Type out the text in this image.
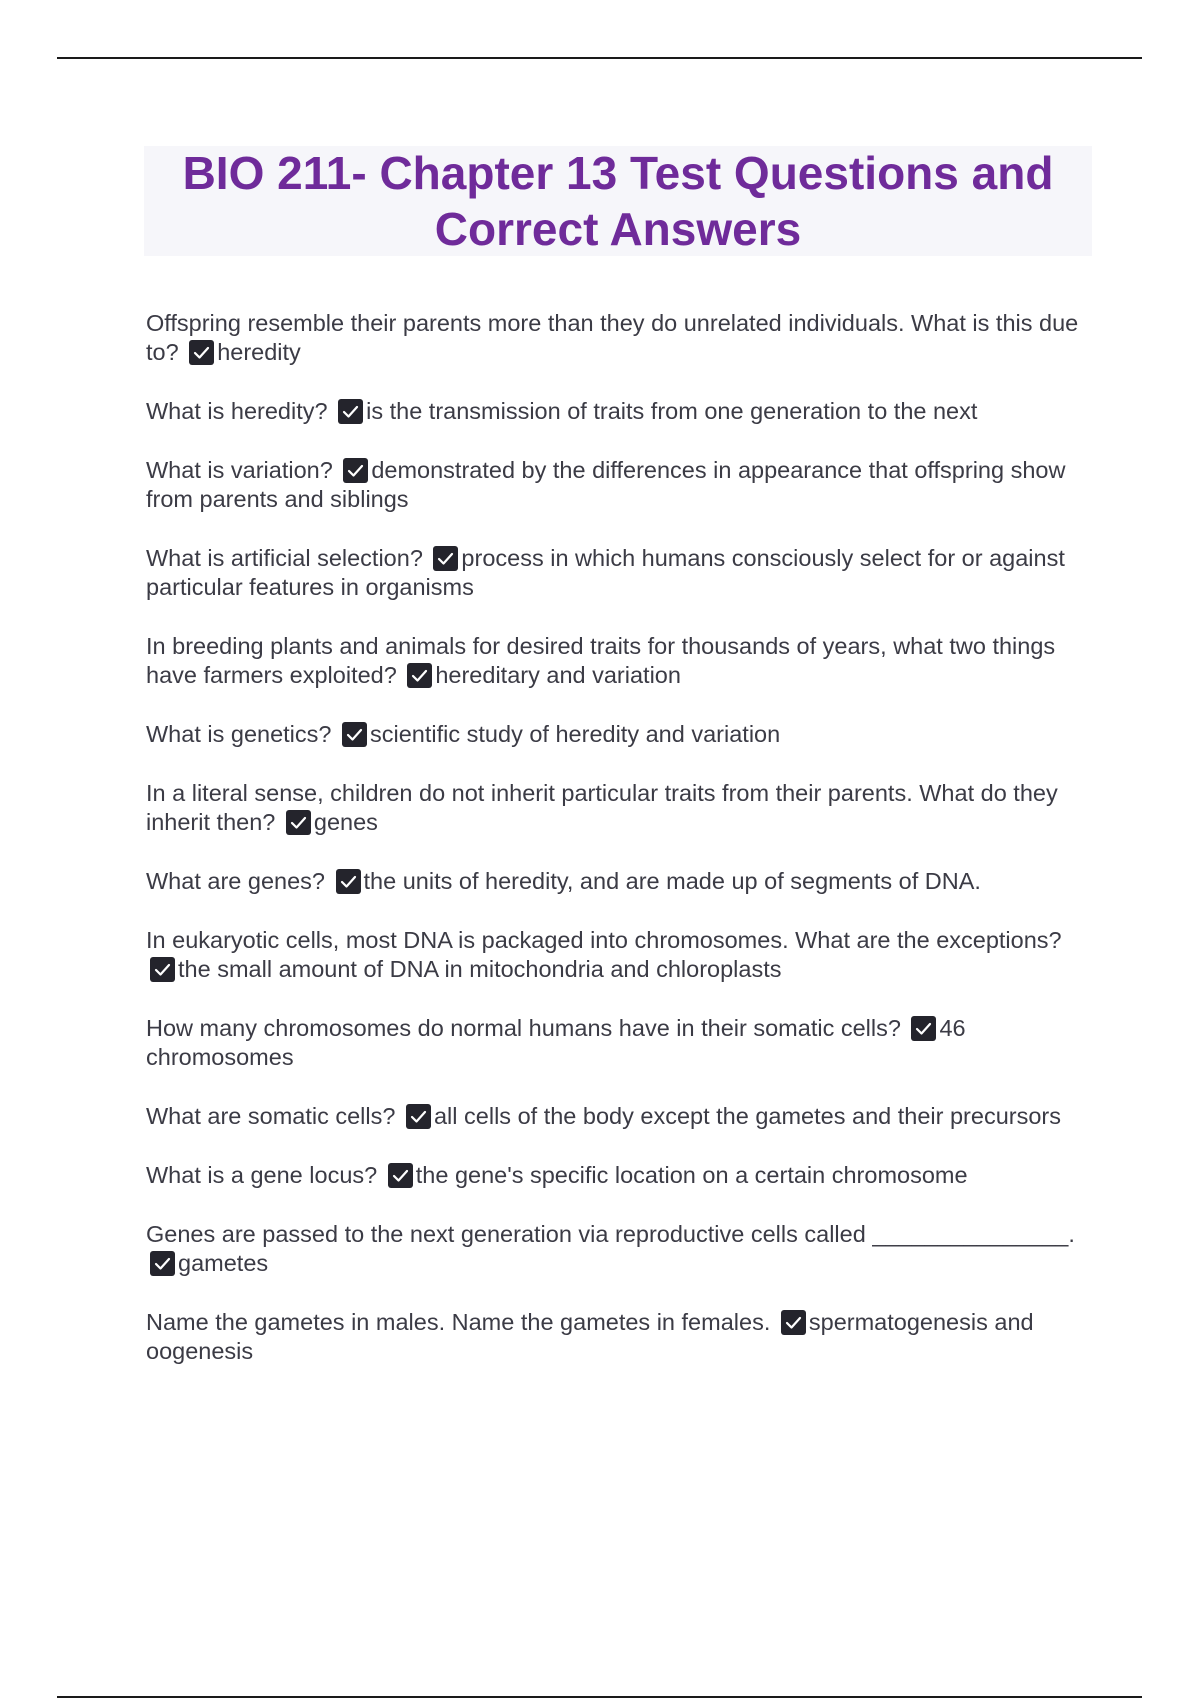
BIO 211- Chapter 13 Test Questions and Correct Answers

Offspring resemble their parents more than they do unrelated individuals. What is this due to? heredity

What is heredity? is the transmission of traits from one generation to the next

What is variation? demonstrated by the differences in appearance that offspring show from parents and siblings

What is artificial selection? process in which humans consciously select for or against particular features in organisms

In breeding plants and animals for desired traits for thousands of years, what two things have farmers exploited? hereditary and variation

What is genetics? scientific study of heredity and variation

In a literal sense, children do not inherit particular traits from their parents. What do they inherit then? genes

What are genes? the units of heredity, and are made up of segments of DNA.

In eukaryotic cells, most DNA is packaged into chromosomes. What are the exceptions?
the small amount of DNA in mitochondria and chloroplasts

How many chromosomes do normal humans have in their somatic cells? 46 chromosomes

What are somatic cells? all cells of the body except the gametes and their precursors

What is a gene locus? the gene's specific location on a certain chromosome

Genes are passed to the next generation via reproductive cells called _______________.
gametes

Name the gametes in males. Name the gametes in females. spermatogenesis and oogenesis
